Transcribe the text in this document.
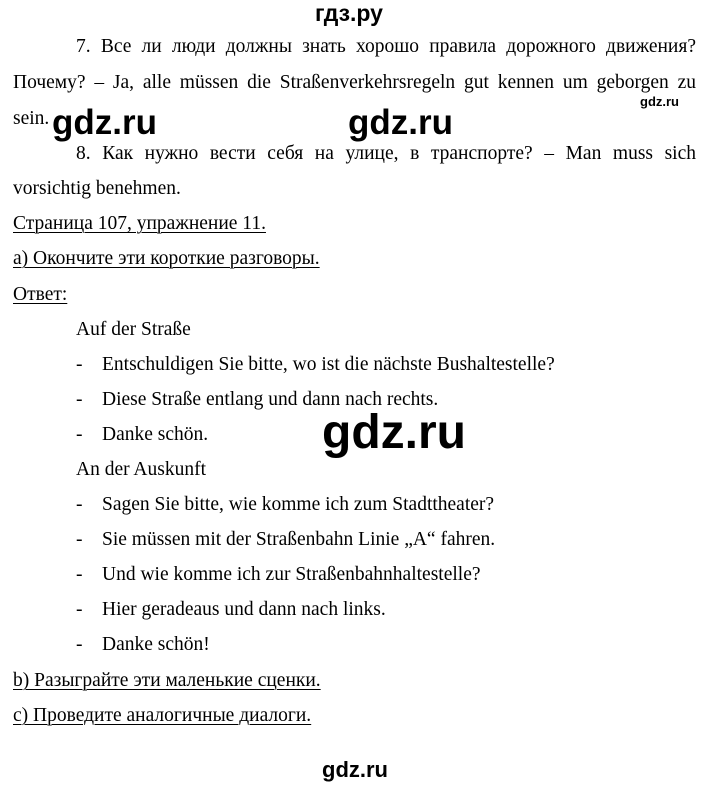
гдз.ру
7. Все ли люди должны знать хорошо правила дорожного движения?
Почему? – Ja, alle müssen die Straßenverkehrsregeln gut kennen um geborgen zu
sein.
gdz.ru
gdz.ru	gdz.ru
8. Как нужно вести себя на улице, в транспорте? – Man muss sich
vorsichtig benehmen.
Страница 107, упражнение 11.
a) Окончите эти короткие разговоры.
Ответ:
Auf der Straße
- Entschuldigen Sie bitte, wo ist die nächste Bushaltestelle?
- Diese Straße entlang und dann nach rechts.
- Danke schön.	gdz.ru
An der Auskunft
- Sagen Sie bitte, wie komme ich zum Stadttheater?
- Sie müssen mit der Straßenbahn Linie „A“ fahren.
- Und wie komme ich zur Straßenbahnhaltestelle?
- Hier geradeaus und dann nach links.
- Danke schön!
b) Разыграйте эти маленькие сценки.
c) Проведите аналогичные диалоги.
gdz.ru
